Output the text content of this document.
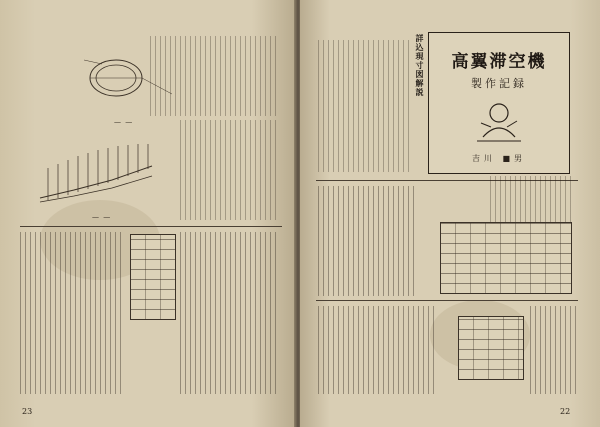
— —
— —
23
高翼滞空機
製作記録
吉川 ■男
詳込現寸図解説
22
